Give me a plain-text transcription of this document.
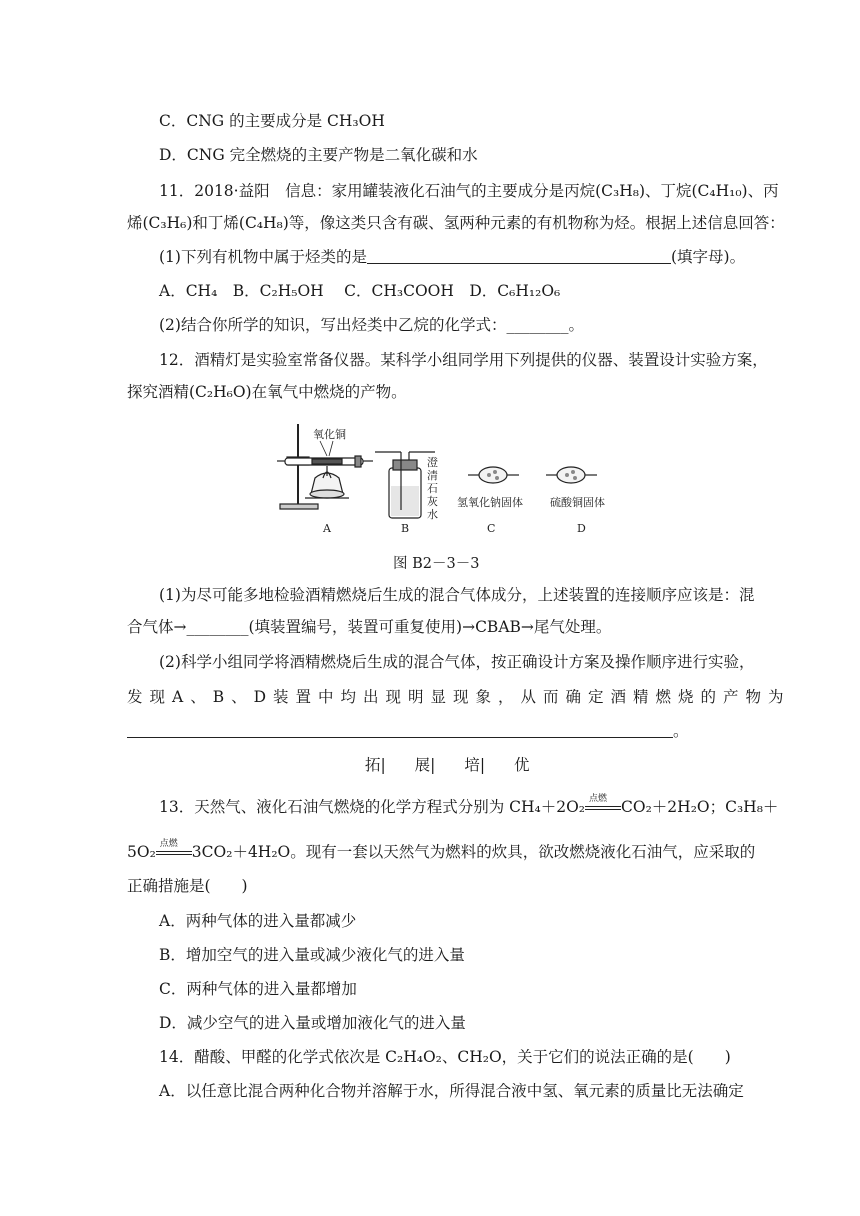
C．CNG 的主要成分是 CH₃OH
D．CNG 完全燃烧的主要产物是二氧化碳和水
11．2018·益阳　信息：家用罐装液化石油气的主要成分是丙烷(C₃H₈)、丁烷(C₄H₁₀)、丙
烯(C₃H₆)和丁烯(C₄H₈)等，像这类只含有碳、氢两种元素的有机物称为烃。根据上述信息回答：
(1)下列有机物中属于烃类的是	(填字母)。
A．CH₄　B．C₂H₅OH　 C．CH₃COOH　D．C₆H₁₂O₆
(2)结合你所学的知识，写出烃类中乙烷的化学式：________。
12．酒精灯是实验室常备仪器。某科学小组同学用下列提供的仪器、装置设计实验方案，
探究酒精(C₂H₆O)在氧气中燃烧的产物。
氧化铜
澄
清
石
灰
水
氢氧化钠固体 硫酸铜固体
A	B	C	D
图 B2－3－3
(1)为尽可能多地检验酒精燃烧后生成的混合气体成分，上述装置的连接顺序应该是：混
合气体→________(填装置编号，装置可重复使用)→CBAB→尾气处理。
(2)科学小组同学将酒精燃烧后生成的混合气体，按正确设计方案及操作顺序进行实验，
发现A、B、D装置中均出现明显现象，从而确定酒精燃烧的产物为
。
拓| 展| 培| 优
13．天然气、液化石油气燃烧的化学方程式分别为 CH₄＋2O₂ 点燃 CO₂＋2H₂O；C₃H₈＋
5O₂ 点燃 3CO₂＋4H₂O。现有一套以天然气为燃料的炊具，欲改燃烧液化石油气，应采取的
正确措施是(　　)
A．两种气体的进入量都减少
B．增加空气的进入量或减少液化气的进入量
C．两种气体的进入量都增加
D．减少空气的进入量或增加液化气的进入量
14．醋酸、甲醛的化学式依次是 C₂H₄O₂、CH₂O，关于它们的说法正确的是(　　)
A．以任意比混合两种化合物并溶解于水，所得混合液中氢、氧元素的质量比无法确定
